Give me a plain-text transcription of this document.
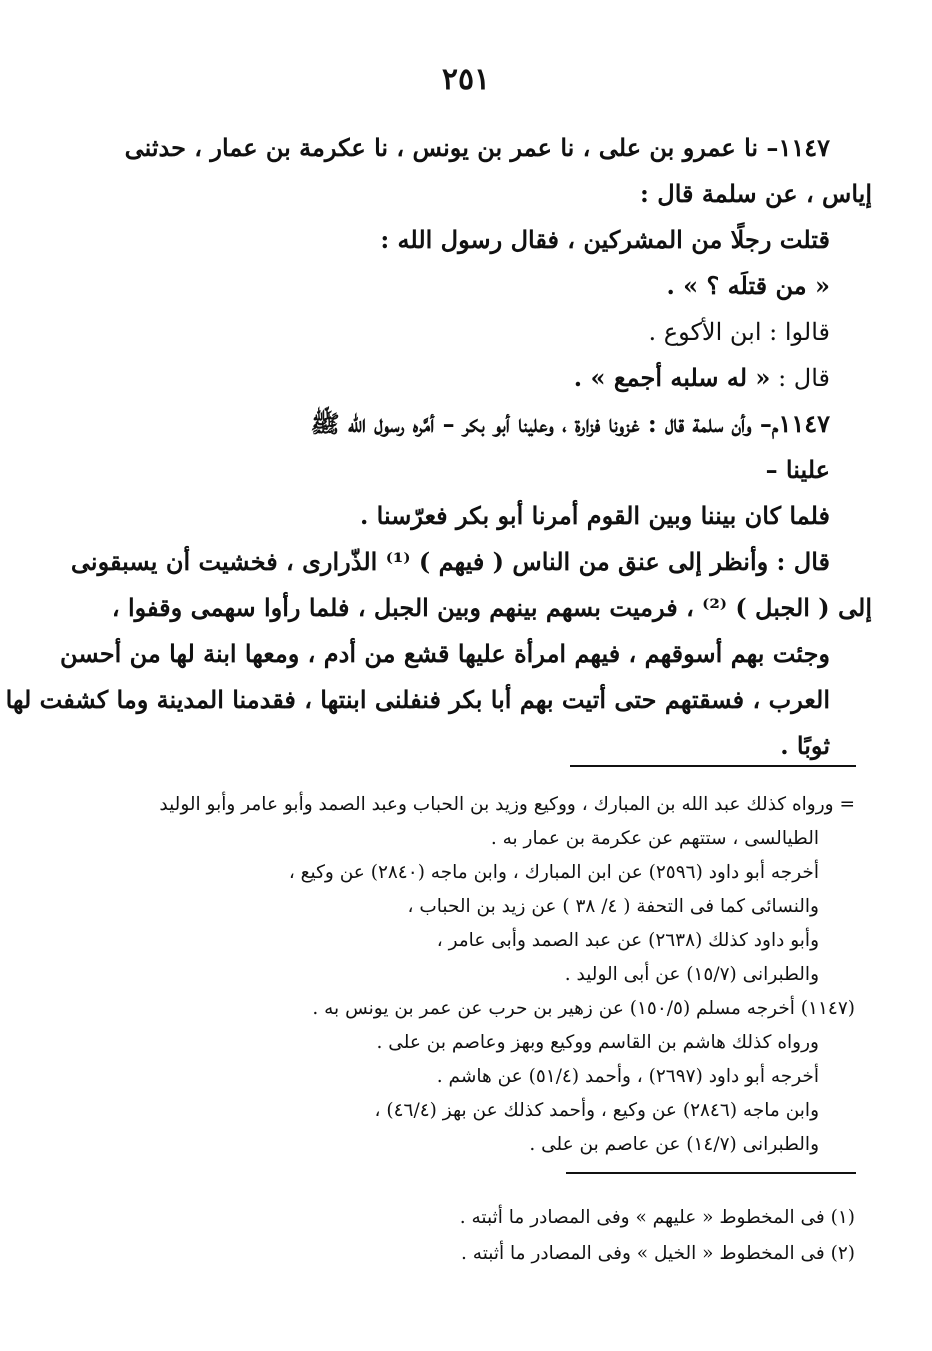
٢٥١
١١٤٧– نا عمرو بن على ، نا عمر بن يونس ، نا عكرمة بن عمار ، حدثنى
إياس ، عن سلمة قال :
قتلت رجلًا من المشركين ، فقال رسول الله :
« من قتلَه ؟ » .
قالوا : ابن الأكوع .
قال : « له سلبه أجمع » .
١١٤٧م– وأن سلمة قال : غزونا فزارة ، وعلينا أبو بكر – أمَّره رسول الله ﷺ
علينا –
فلما كان بيننا وبين القوم أمرنا أبو بكر فعرّسنا .
قال : وأنظر إلى عنق من الناس ( فيهم ) ⁽¹⁾ الذّرارى ، فخشيت أن يسبقونى
إلى ( الجبل ) ⁽²⁾ ، فرميت بسهم بينهم وبين الجبل ، فلما رأوا سهمى وقفوا ،
وجئت بهم أسوقهم ، فيهم امرأة عليها قشع من أدم ، ومعها ابنة لها من أحسن
العرب ، فسقتهم حتى أتيت بهم أبا بكر فنفلنى ابنتها ، فقدمنا المدينة وما كشفت لها
ثوبًا .
= ورواه كذلك عبد الله بن المبارك ، ووكيع وزيد بن الحباب وعبد الصمد وأبو عامر وأبو الوليد
الطيالسى ، ستتهم عن عكرمة بن عمار به .
أخرجه أبو داود (٢٥٩٦) عن ابن المبارك ، وابن ماجه (٢٨٤٠) عن وكيع ،
والنسائى كما فى التحفة ( ٤/ ٣٨ ) عن زيد بن الحباب ،
وأبو داود كذلك (٢٦٣٨) عن عبد الصمد وأبى عامر ،
والطبرانى (١٥/٧) عن أبى الوليد .
(١١٤٧) أخرجه مسلم (١٥٠/٥) عن زهير بن حرب عن عمر بن يونس به .
ورواه كذلك هاشم بن القاسم ووكيع وبهز وعاصم بن على .
أخرجه أبو داود (٢٦٩٧) ، وأحمد (٥١/٤) عن هاشم .
وابن ماجه (٢٨٤٦) عن وكيع ، وأحمد كذلك عن بهز (٤٦/٤) ،
والطبرانى (١٤/٧) عن عاصم بن على .
(١) فى المخطوط « عليهم » وفى المصادر ما أثبته .
(٢) فى المخطوط « الخيل » وفى المصادر ما أثبته .
